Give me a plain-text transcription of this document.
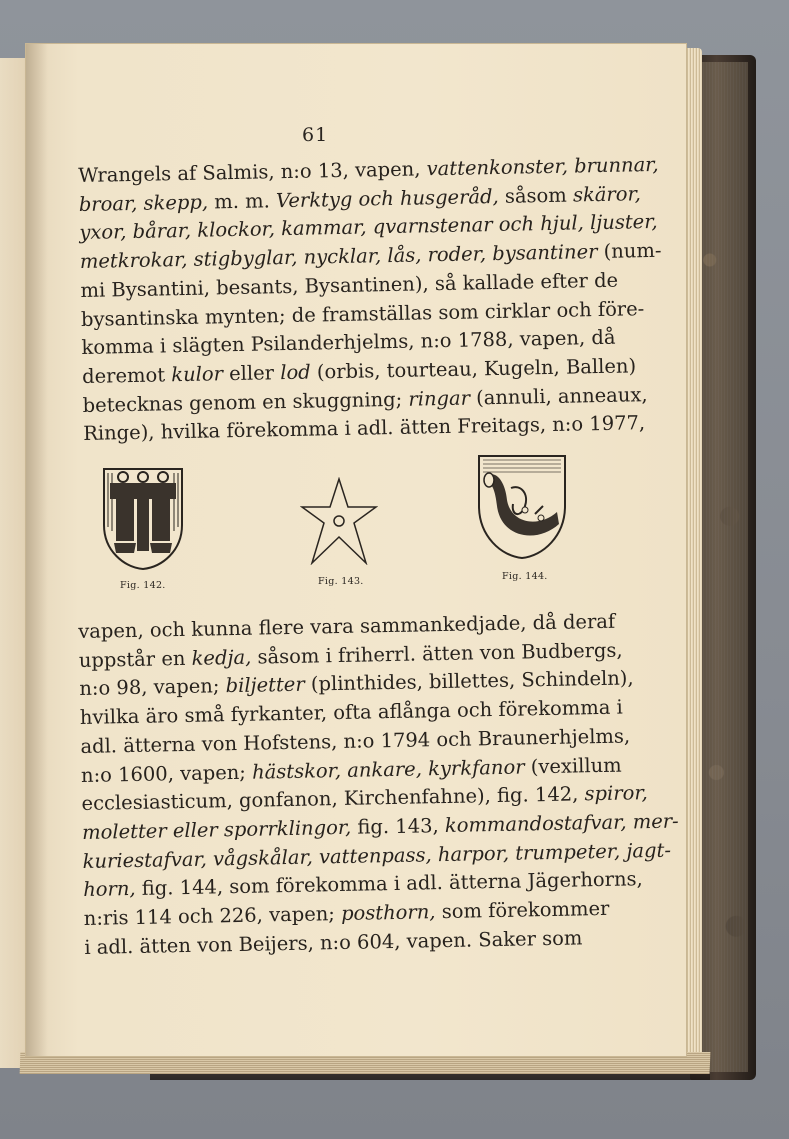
61
Wrangels af Salmis, n:o 13, vapen, vattenkonster, brunnar,
broar, skepp, m. m. Verktyg och husgeråd, såsom skäror,
yxor, bårar, klockor, kammar, qvarnstenar och hjul, ljuster,
metkrokar, stigbyglar, nycklar, lås, roder, bysantiner (num-
mi Bysantini, besants, Bysantinen), så kallade efter de
bysantinska mynten; de framställas som cirklar och före-
komma i slägten Psilanderhjelms, n:o 1788, vapen, då
deremot kulor eller lod (orbis, tourteau, Kugeln, Ballen)
betecknas genom en skuggning; ringar (annuli, anneaux,
Ringe), hvilka förekomma i adl. ätten Freitags, n:o 1977,
Fig. 142.	Fig. 143.	Fig. 144.
vapen, och kunna flere vara sammankedjade, då deraf
uppstår en kedja, såsom i friherrl. ätten von Budbergs,
n:o 98, vapen; biljetter (plinthides, billettes, Schindeln),
hvilka äro små fyrkanter, ofta aflånga och förekomma i
adl. ätterna von Hofstens, n:o 1794 och Braunerhjelms,
n:o 1600, vapen; hästskor, ankare, kyrkfanor (vexillum
ecclesiasticum, gonfanon, Kirchenfahne), fig. 142, spiror,
moletter eller sporrklingor, fig. 143, kommandostafvar, mer-
kuriestafvar, vågskålar, vattenpass, harpor, trumpeter, jagt-
horn, fig. 144, som förekomma i adl. ätterna Jägerhorns,
n:ris 114 och 226, vapen; posthorn, som förekommer
i adl. ätten von Beijers, n:o 604, vapen. Saker som
